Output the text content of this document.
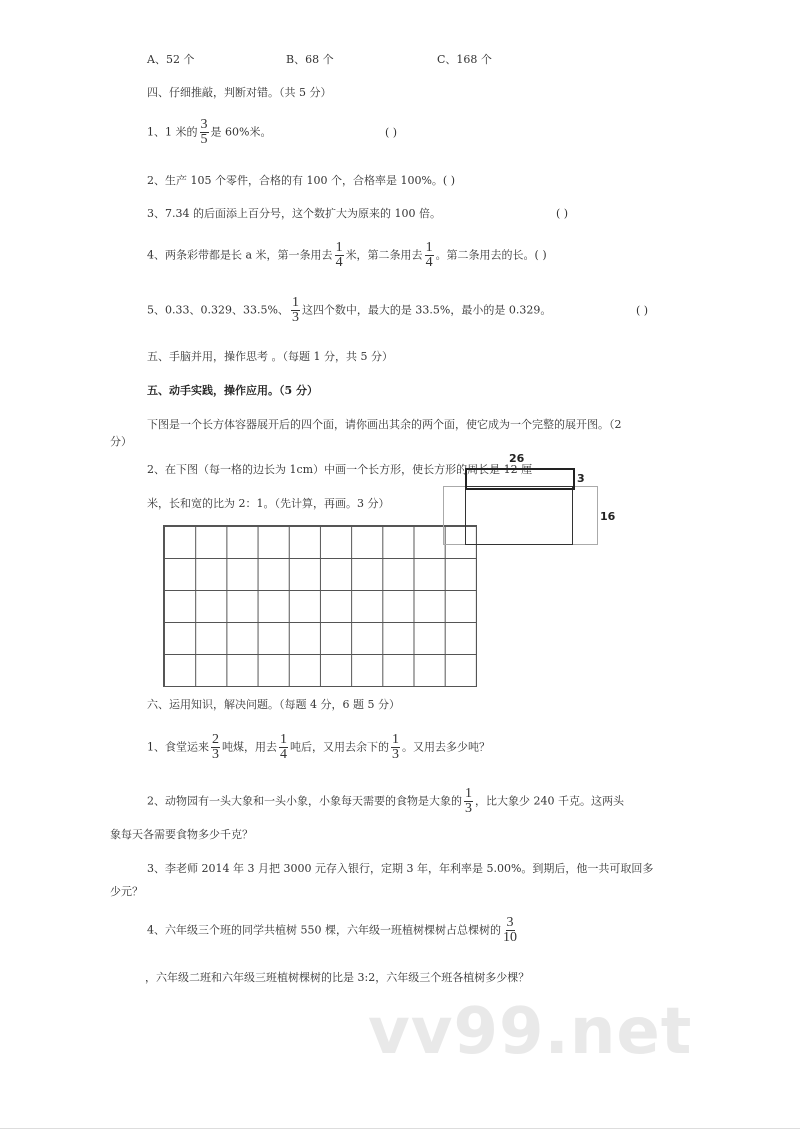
A、52 个	B、68 个	C、168 个
四、仔细推敲，判断对错。（共 5 分）
1、1 米的 $\frac{3}{5}$ 是 60%米。	( )
2、生产 105 个零件，合格的有 100 个，合格率是 100%。( )
3、7.34 的后面添上百分号，这个数扩大为原来的 100 倍。	( )
4、两条彩带都是长 a 米，第一条用去 $\frac{1}{4}$ 米，第二条用去 $\frac{1}{4}$ 。第二条用去的长。( )
5、0.33、0.329、33.5%、 $\frac{1}{3}$ 这四个数中，最大的是 33.5%，最小的是 0.329。	( )
五、手脑并用，操作思考 。（每题 1 分，共 5 分）
五、动手实践，操作应用。（5 分）
下图是一个长方体容器展开后的四个面，请你画出其余的两个面，使它成为一个完整的展开图。（2
分）
2、在下图（每一格的边长为 1cm）中画一个长方形，使长方形的周长是 12 厘
米，长和宽的比为 2：1。（先计算，再画。3 分）
26
3
16
六、运用知识，解决问题。（每题 4 分，6 题 5 分）
1、食堂运来 $\frac{2}{3}$ 吨煤，用去 $\frac{1}{4}$ 吨后，又用去余下的 $\frac{1}{3}$ 。又用去多少吨？
2、动物园有一头大象和一头小象，小象每天需要的食物是大象的 $\frac{1}{3}$ ，比大象少 240 千克。这两头
象每天各需要食物多少千克？
3、李老师 2014 年 3 月把 3000 元存入银行，定期 3 年，年利率是 5.00%。到期后，他一共可取回多
少元？
4、六年级三个班的同学共植树 550 棵，六年级一班植树棵树占总棵树的 $\frac{3}{10}$
，六年级二班和六年级三班植树棵树的比是 3:2，六年级三个班各植树多少棵？
vv99.net
